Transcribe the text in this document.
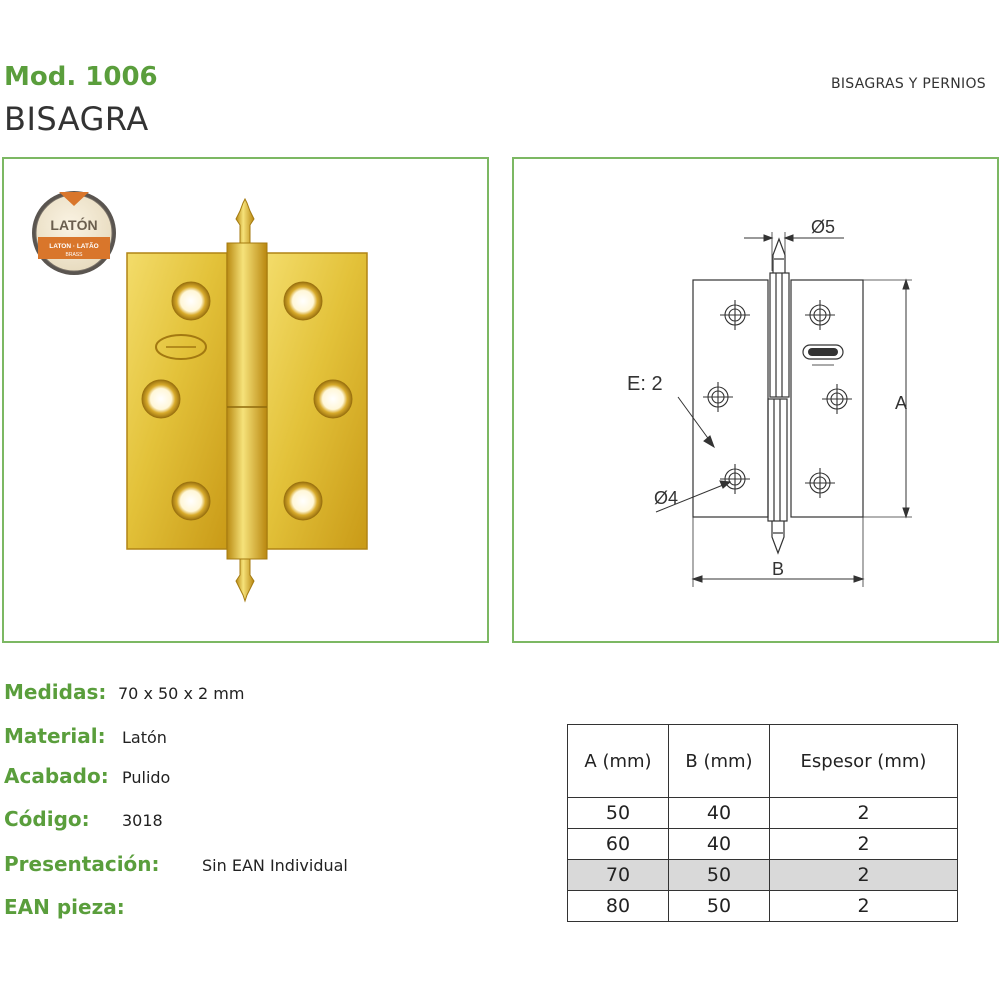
Mod. 1006
BISAGRA
BISAGRAS Y PERNIOS
LATÓN
LATON · LATÃO
BRASS
Ø5
E: 2
Ø4
A
B
Medidas: 70 x 50 x 2 mm
Material: Latón
Acabado: Pulido
Código: 3018
Presentación:	Sin EAN Individual
EAN pieza:
A (mm)	B (mm)	Espesor (mm)
50	40	2
60	40	2
70	50	2
80	50	2
